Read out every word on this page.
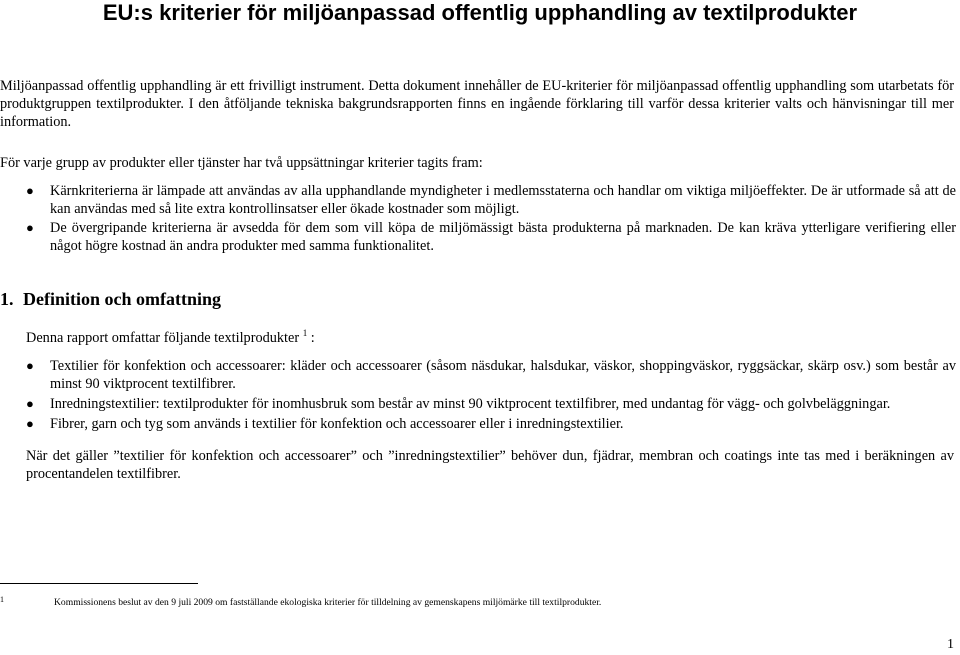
EU:s kriterier för miljöanpassad offentlig upphandling av textilprodukter

Miljöanpassad offentlig upphandling är ett frivilligt instrument. Detta dokument innehåller de EU-kriterier för miljöanpassad offentlig upphandling som utarbetats för produktgruppen textilprodukter. I den åtföljande tekniska bakgrundsrapporten finns en ingående förklaring till varför dessa kriterier valts och hänvisningar till mer information.

För varje grupp av produkter eller tjänster har två uppsättningar kriterier tagits fram:

● Kärnkriterierna är lämpade att användas av alla upphandlande myndigheter i medlemsstaterna och handlar om viktiga miljöeffekter. De är utformade så att de kan användas med så lite extra kontrollinsatser eller ökade kostnader som möjligt.
● De övergripande kriterierna är avsedda för dem som vill köpa de miljömässigt bästa produkterna på marknaden. De kan kräva ytterligare verifiering eller något högre kostnad än andra produkter med samma funktionalitet.
1. Definition och omfattning

Denna rapport omfattar följande textilprodukter $^1$ :

● Textilier för konfektion och accessoarer: kläder och accessoarer (såsom näsdukar, halsdukar, väskor, shoppingväskor, ryggsäckar, skärp osv.) som består av minst 90 viktprocent textilfibrer.
● Inredningstextilier: textilprodukter för inomhusbruk som består av minst 90 viktprocent textilfibrer, med undantag för vägg- och golvbeläggningar.
● Fibrer, garn och tyg som används i textilier för konfektion och accessoarer eller i inredningstextilier.

När det gäller ”textilier för konfektion och accessoarer” och ”inredningstextilier” behöver dun, fjädrar, membran och coatings inte tas med i beräkningen av procentandelen textilfibrer.

1	Kommissionens beslut av den 9 juli 2009 om fastställande ekologiska kriterier för tilldelning av gemenskapens miljömärke till textilprodukter.
1
